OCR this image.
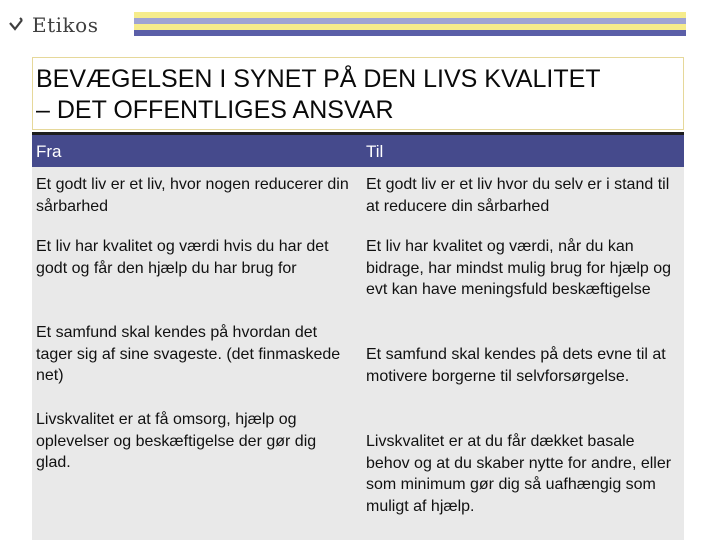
Etikos
BEVÆGELSEN I SYNET PÅ DEN LIVS KVALITET
– DET OFFENTLIGES ANSVAR
Fra	Til
Et godt liv er et liv, hvor nogen reducerer din sårbarhed
Et godt liv er et liv hvor du selv er i stand til at reducere din sårbarhed
Et liv har kvalitet og værdi hvis du har det godt og får den hjælp du har brug for
Et liv har kvalitet og værdi, når du kan bidrage, har mindst mulig brug for hjælp og evt kan have meningsfuld beskæftigelse
Et samfund skal kendes på hvordan det tager sig af sine svageste. (det finmaskede net)
Et samfund skal kendes på dets evne til at motivere borgerne til selvforsørgelse.
Livskvalitet er at få omsorg, hjælp og oplevelser og beskæftigelse der gør dig glad.
Livskvalitet er at du får dækket basale behov og at du skaber nytte for andre, eller som minimum gør dig så uafhængig som muligt af hjælp.
